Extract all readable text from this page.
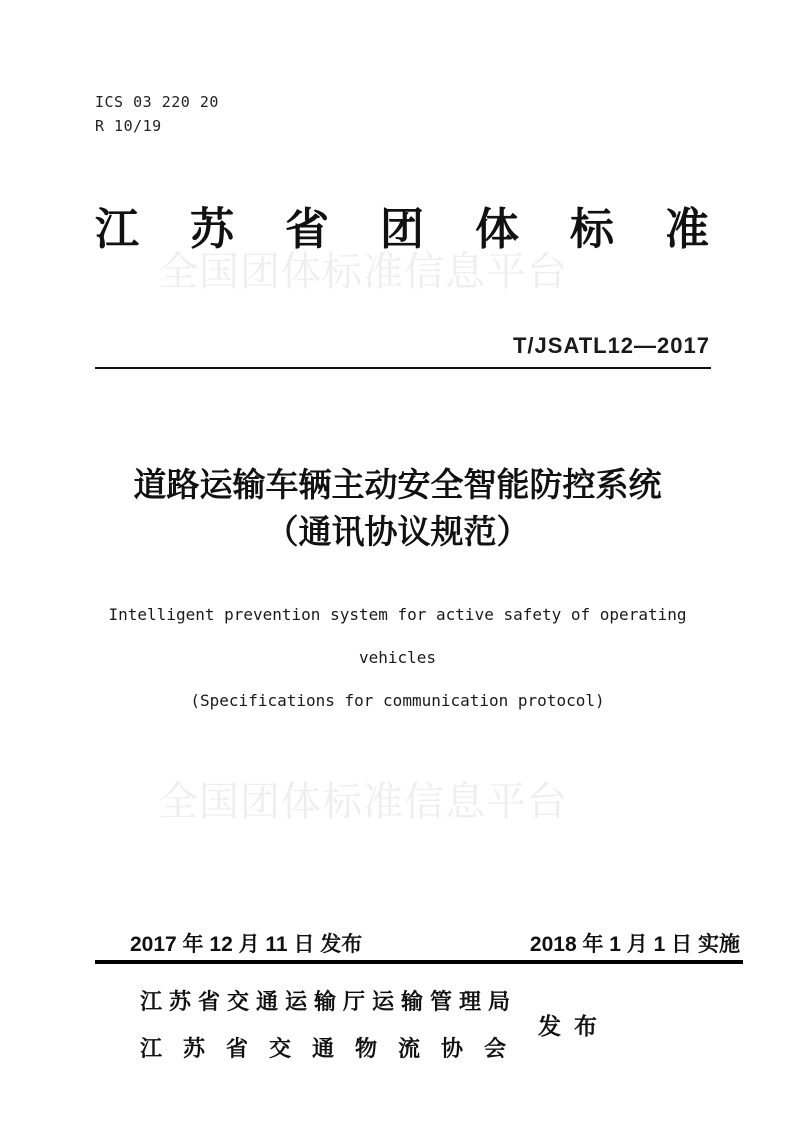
ICS 03 220 20
R 10/19
江苏省团体标准
全国团体标准信息平台
T/JSATL12—2017
道路运输车辆主动安全智能防控系统
（通讯协议规范）
Intelligent prevention system for active safety of operating
vehicles
(Specifications for communication protocol)
全国团体标准信息平台
2017 年 12 月 11 日 发布	2018 年 1 月 1 日 实施
江苏省交通运输厅运输管理局
江苏省交通物流协会
发布
